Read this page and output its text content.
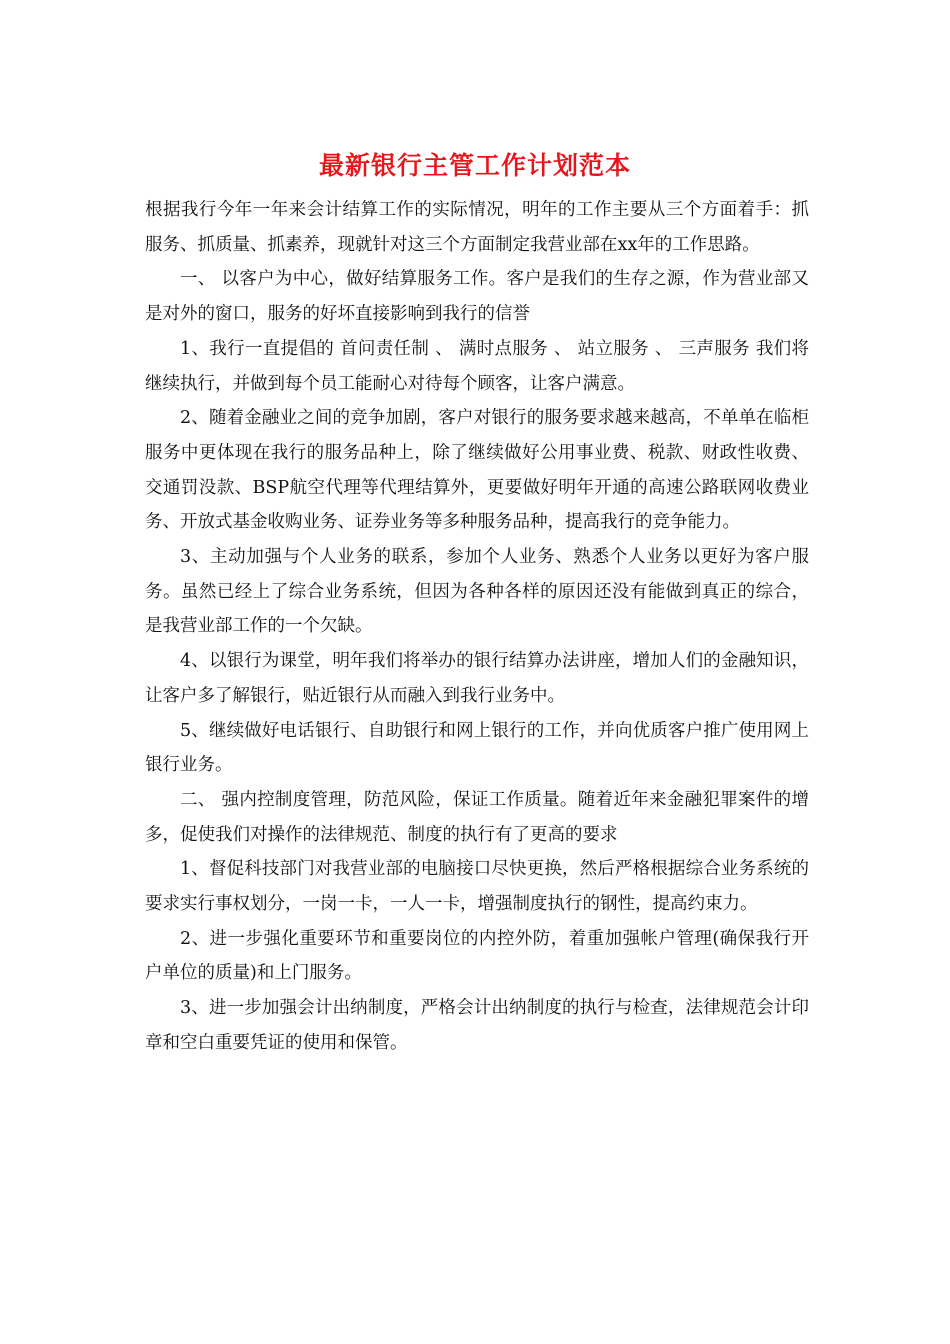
最新银行主管工作计划范本

根据我行今年一年来会计结算工作的实际情况，明年的工作主要从三个方面着手：抓服务、抓质量、抓素养，现就针对这三个方面制定我营业部在xx年的工作思路。

一、 以客户为中心，做好结算服务工作。客户是我们的生存之源，作为营业部又是对外的窗口，服务的好坏直接影响到我行的信誉

1、我行一直提倡的 首问责任制 、 满时点服务 、 站立服务 、 三声服务 我们将继续执行，并做到每个员工能耐心对待每个顾客，让客户满意。

2、随着金融业之间的竞争加剧，客户对银行的服务要求越来越高，不单单在临柜服务中更体现在我行的服务品种上，除了继续做好公用事业费、税款、财政性收费、交通罚没款、BSP航空代理等代理结算外，更要做好明年开通的高速公路联网收费业务、开放式基金收购业务、证券业务等多种服务品种，提高我行的竞争能力。

3、主动加强与个人业务的联系，参加个人业务、熟悉个人业务以更好为客户服务。虽然已经上了综合业务系统，但因为各种各样的原因还没有能做到真正的综合，是我营业部工作的一个欠缺。

4、以银行为课堂，明年我们将举办的银行结算办法讲座，增加人们的金融知识，让客户多了解银行，贴近银行从而融入到我行业务中。

5、继续做好电话银行、自助银行和网上银行的工作，并向优质客户推广使用网上银行业务。

二、 强内控制度管理，防范风险，保证工作质量。随着近年来金融犯罪案件的增多，促使我们对操作的法律规范、制度的执行有了更高的要求

1、督促科技部门对我营业部的电脑接口尽快更换，然后严格根据综合业务系统的要求实行事权划分，一岗一卡，一人一卡，增强制度执行的钢性，提高约束力。

2、进一步强化重要环节和重要岗位的内控外防，着重加强帐户管理(确保我行开户单位的质量)和上门服务。

3、进一步加强会计出纳制度，严格会计出纳制度的执行与检查，法律规范会计印章和空白重要凭证的使用和保管。
